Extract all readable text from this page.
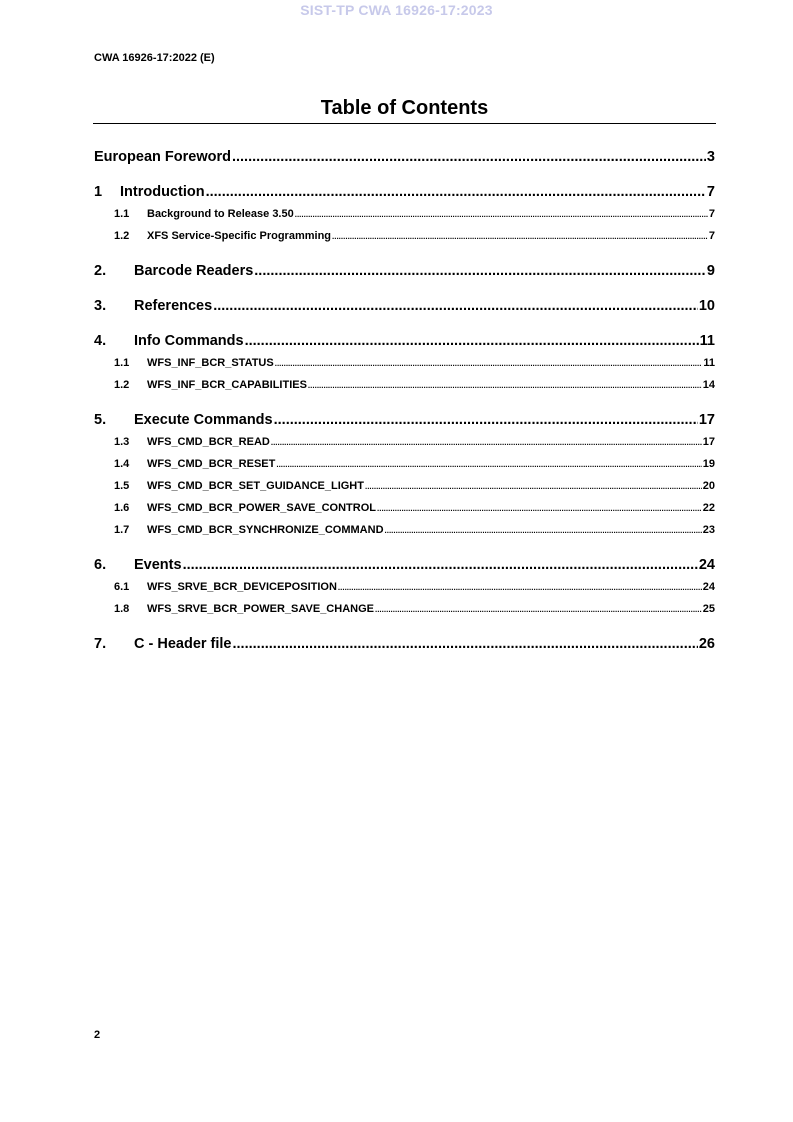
SIST-TP CWA 16926-17:2023
CWA 16926-17:2022 (E)
Table of Contents
European Foreword .....	3
1	Introduction .....	7
1.1	Background to Release 3.50 .....	7
1.2	XFS Service-Specific Programming .....	7
2.	Barcode Readers .....	9
3.	References .....	10
4.	Info Commands .....	11
1.1	WFS_INF_BCR_STATUS .....	11
1.2	WFS_INF_BCR_CAPABILITIES .....	14
5.	Execute Commands .....	17
1.3	WFS_CMD_BCR_READ .....	17
1.4	WFS_CMD_BCR_RESET .....	19
1.5	WFS_CMD_BCR_SET_GUIDANCE_LIGHT .....	20
1.6	WFS_CMD_BCR_POWER_SAVE_CONTROL .....	22
1.7	WFS_CMD_BCR_SYNCHRONIZE_COMMAND .....	23
6.	Events .....	24
6.1	WFS_SRVE_BCR_DEVICEPOSITION .....	24
1.8	WFS_SRVE_BCR_POWER_SAVE_CHANGE .....	25
7.	C - Header file .....	26
2
